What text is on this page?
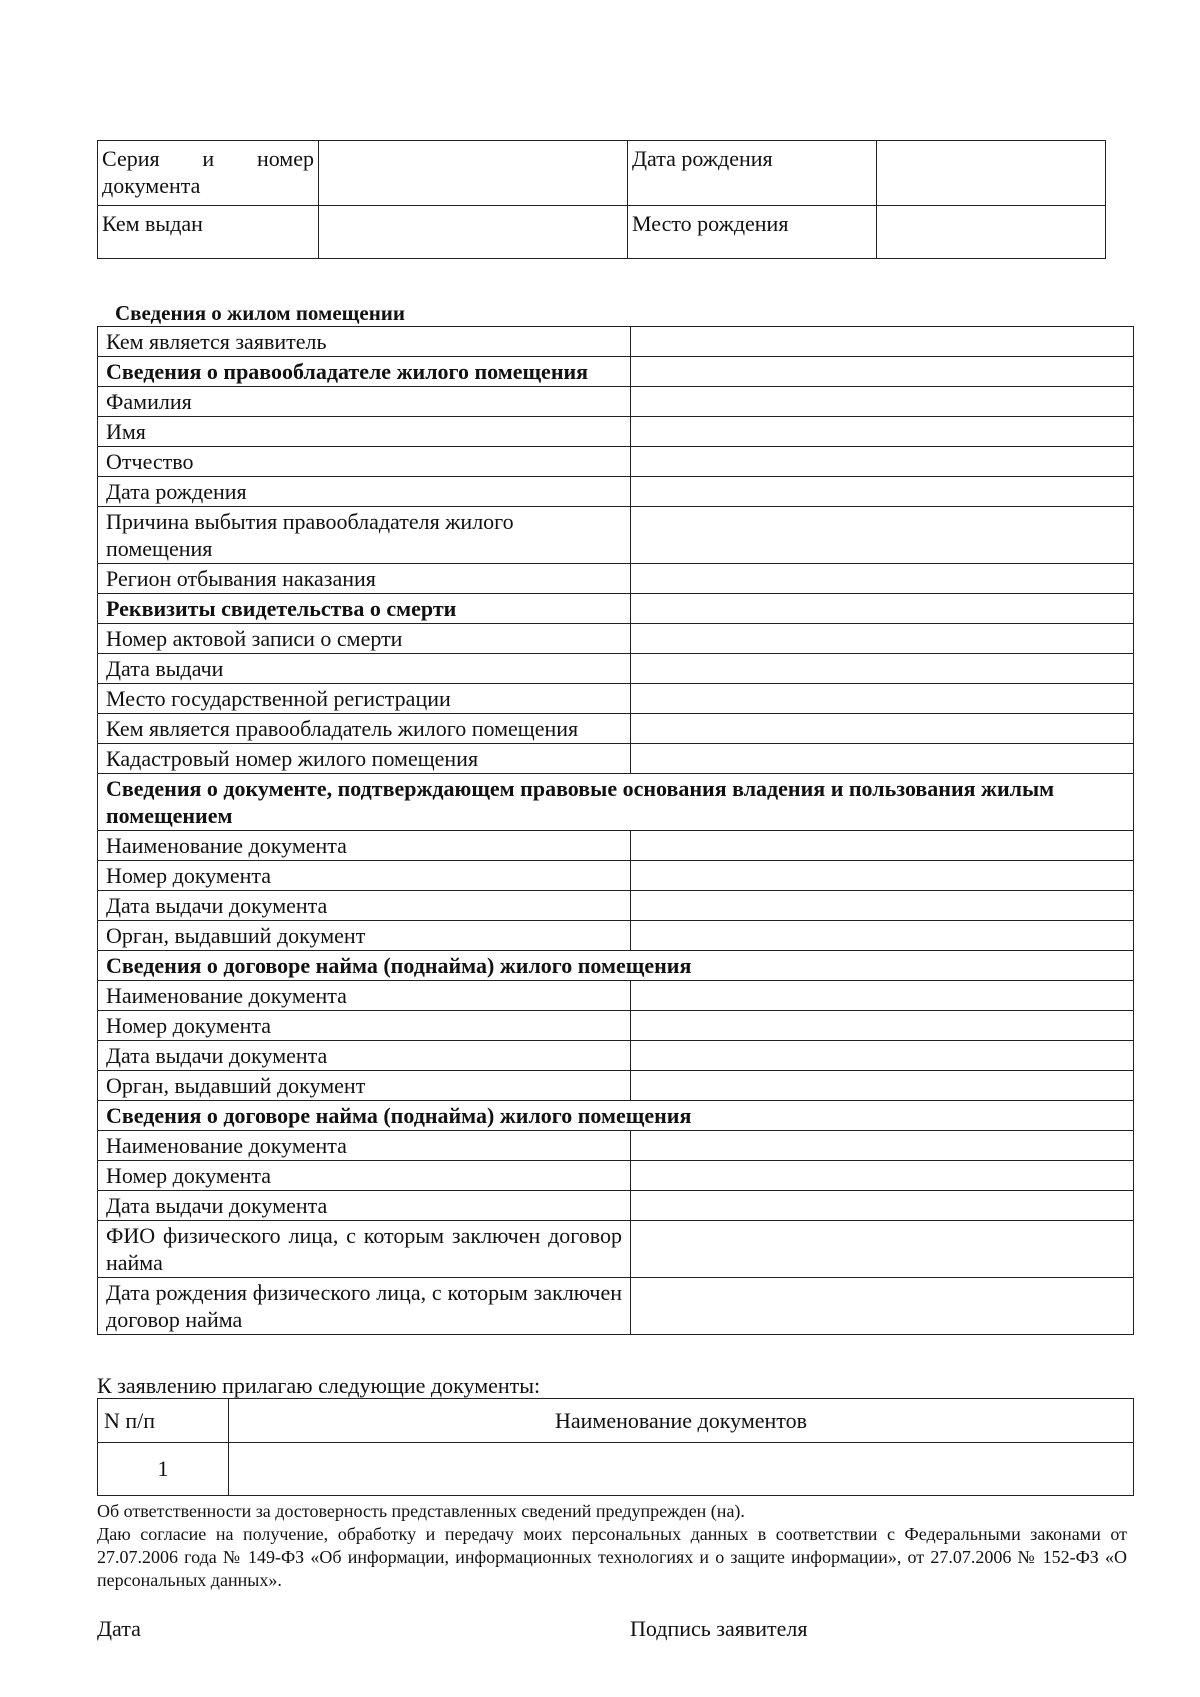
Серия и номер документа		Дата рождения	
Кем выдан		Место рождения	
Сведения о жилом помещении
Кем является заявитель	
Сведения о правообладателе жилого помещения	
Фамилия	
Имя	
Отчество	
Дата рождения	
Причина выбытия правообладателя жилого помещения	
Регион отбывания наказания	
Реквизиты свидетельства о смерти	
Номер актовой записи о смерти	
Дата выдачи	
Место государственной регистрации	
Кем является правообладатель жилого помещения	
Кадастровый номер жилого помещения	
Сведения о документе, подтверждающем правовые основания владения и пользования жилым помещением	
Наименование документа	
Номер документа	
Дата выдачи документа	
Орган, выдавший документ	
Сведения о договоре найма (поднайма) жилого помещения	
Наименование документа	
Номер документа	
Дата выдачи документа	
Орган, выдавший документ	
Сведения о договоре найма (поднайма) жилого помещения	
Наименование документа	
Номер документа	
Дата выдачи документа	
ФИО физического лица, с которым заключен договор найма	
Дата рождения физического лица, с которым заключен договор найма	
К заявлению прилагаю следующие документы:
N п/п	Наименование документов
1	

Об ответственности за достоверность представленных сведений предупрежден (на).

Даю согласие на получение, обработку и передачу моих персональных данных в соответствии с Федеральными законами от 27.07.2006 года № 149-ФЗ «Об информации, информационных технологиях и о защите информации», от 27.07.2006 № 152-ФЗ «О персональных данных».

Дата	Подпись заявителя
